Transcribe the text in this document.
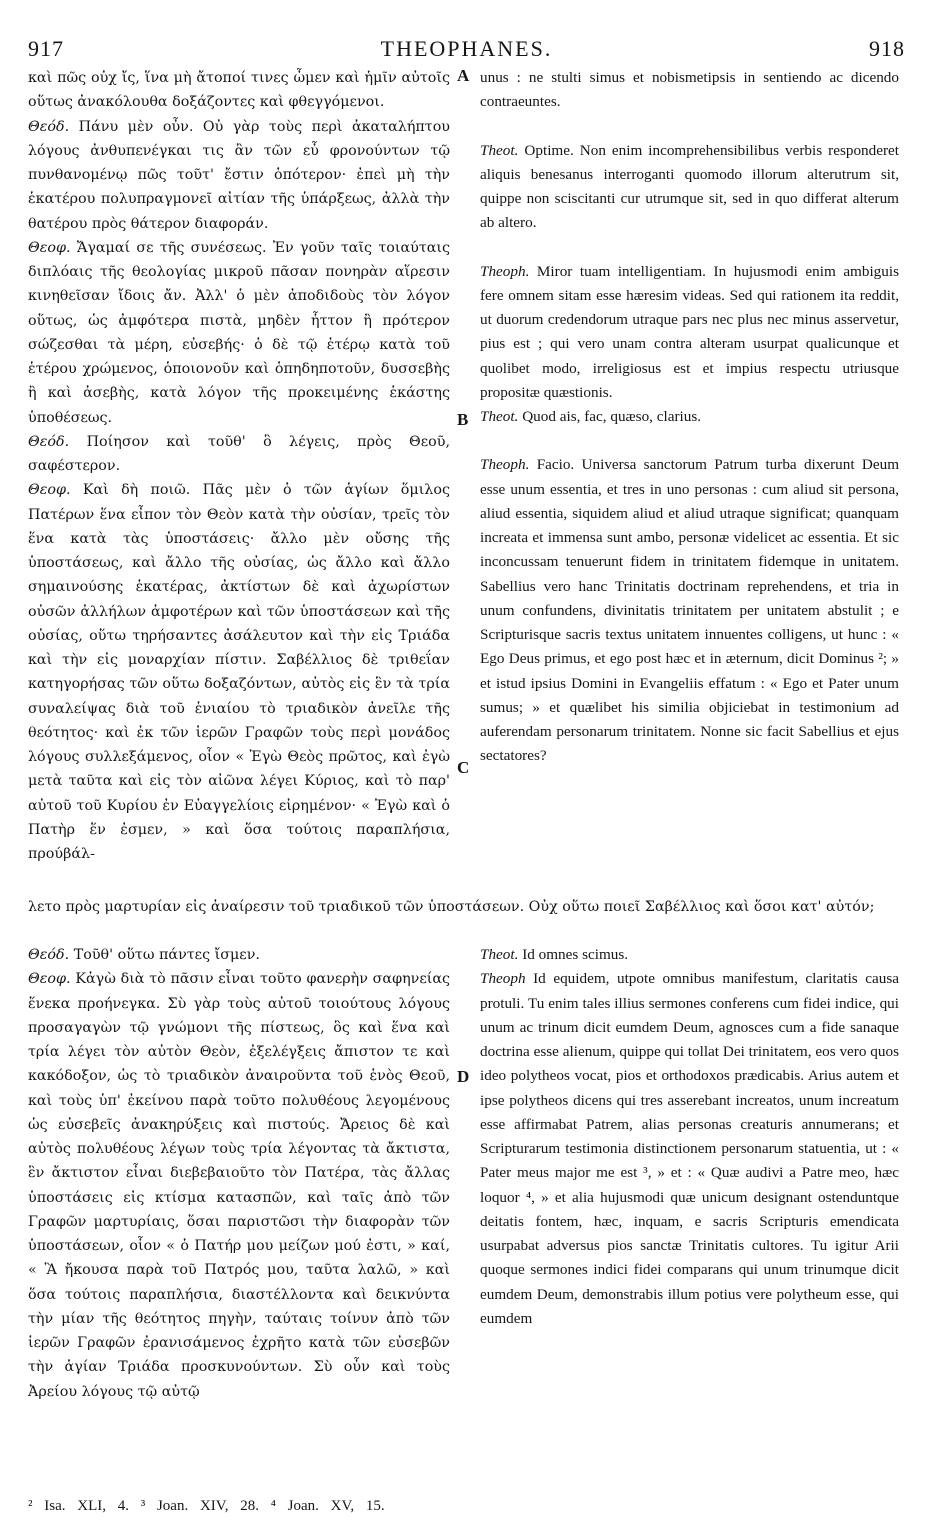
917	THEOPHANES.	918

καὶ πῶς οὐχ ἴς, ἵνα μὴ ἄτοποί τινες ὦμεν καὶ ἡμῖν αὐτοῖς οὕτως ἀνακόλουθα δοξάζοντες καὶ φθεγγόμενοι.

Θεόδ. Πάνυ μὲν οὖν. Οὐ γὰρ τοὺς περὶ ἀκαταλήπτου λόγους ἀνθυπενέγκαι τις ἂν τῶν εὖ φρονούντων τῷ πυνθανομένῳ πῶς τοῦτ' ἔστιν ὁπότερον· ἐπεὶ μὴ τὴν ἑκατέρου πολυπραγμονεῖ αἰτίαν τῆς ὑπάρξεως, ἀλλὰ τὴν θατέρου πρὸς θάτερον διαφοράν.

Θεοφ. Ἄγαμαί σε τῆς συνέσεως. Ἐν γοῦν ταῖς τοιαύταις διπλόαις τῆς θεολογίας μικροῦ πᾶσαν πονηρὰν αἵρεσιν κινηθεῖσαν ἴδοις ἄν. Ἀλλ' ὁ μὲν ἀποδιδοὺς τὸν λόγον οὕτως, ὡς ἀμφότερα πιστὰ, μηδὲν ἧττον ἢ πρότερον σώζεσθαι τὰ μέρη, εὐσεβής· ὁ δὲ τῷ ἑτέρῳ κατὰ τοῦ ἑτέρου χρώμενος, ὁποιονοῦν καὶ ὁπηδηποτοῦν, δυσσεβὴς ἢ καὶ ἀσεβὴς, κατὰ λόγον τῆς προκειμένης ἑκάστης ὑποθέσεως.

Θεόδ. Ποίησον καὶ τοῦθ' ὃ λέγεις, πρὸς Θεοῦ, σαφέστερον.

Θεοφ. Καὶ δὴ ποιῶ. Πᾶς μὲν ὁ τῶν ἁγίων ὅμιλος Πατέρων ἕνα εἶπον τὸν Θεὸν κατὰ τὴν οὐσίαν, τρεῖς τὸν ἕνα κατὰ τὰς ὑποστάσεις· ἄλλο μὲν οὔσης τῆς ὑποστάσεως, καὶ ἄλλο τῆς οὐσίας, ὡς ἄλλο καὶ ἄλλο σημαινούσης ἑκατέρας, ἀκτίστων δὲ καὶ ἀχωρίστων οὐσῶν ἀλλήλων ἀμφοτέρων καὶ τῶν ὑποστάσεων καὶ τῆς οὐσίας, οὕτω τηρήσαντες ἀσάλευτον καὶ τὴν εἰς Τριάδα καὶ τὴν εἰς μοναρχίαν πίστιν. Σαβέλλιος δὲ τριθεΐαν κατηγορήσας τῶν οὕτω δοξαζόντων, αὐτὸς εἰς ἓν τὰ τρία συναλείψας διὰ τοῦ ἑνιαίου τὸ τριαδικὸν ἀνεῖλε τῆς θεότητος· καὶ ἐκ τῶν ἱερῶν Γραφῶν τοὺς περὶ μονάδος λόγους συλλεξάμενος, οἷον « Ἐγὼ Θεὸς πρῶτος, καὶ ἐγὼ μετὰ ταῦτα καὶ εἰς τὸν αἰῶνα λέγει Κύριος, καὶ τὸ παρ' αὐτοῦ τοῦ Κυρίου ἐν Εὐαγγελίοις εἰρημένον· « Ἐγὼ καὶ ὁ Πατὴρ ἕν ἐσμεν, » καὶ ὅσα τούτοις παραπλήσια, προύβάλ-

unus : ne stulti simus et nobismetipsis in sentiendo ac dicendo contraeuntes.

Theot. Optime. Non enim incomprehensibilibus verbis responderet aliquis benesanus interroganti quomodo illorum alterutrum sit, quippe non sciscitanti cur utrumque sit, sed in quo differat alterum ab altero.

Theoph. Miror tuam intelligentiam. In hujusmodi enim ambiguis fere omnem sitam esse hæresim videas. Sed qui rationem ita reddit, ut duorum credendorum utraque pars nec plus nec minus asservetur, pius est ; qui vero unam contra alteram usurpat qualicunque et quolibet modo, irreligiosus est et impius respectu utriusque propositæ quæstionis.

Theot. Quod ais, fac, quæso, clarius.

Theoph. Facio. Universa sanctorum Patrum turba dixerunt Deum esse unum essentia, et tres in uno personas : cum aliud sit persona, aliud essentia, siquidem aliud et aliud utraque significat; quanquam increata et immensa sunt ambo, personæ videlicet ac essentia. Et sic inconcussam tenuerunt fidem in trinitatem fidemque in unitatem. Sabellius vero hanc Trinitatis doctrinam reprehendens, et tria in unum confundens, divinitatis trinitatem per unitatem abstulit ; e Scripturisque sacris textus unitatem innuentes colligens, ut hunc : « Ego Deus primus, et ego post hæc et in æternum, dicit Dominus ²; » et istud ipsius Domini in Evangeliis effatum : « Ego et Pater unum sumus; » et quælibet his similia objiciebat in testimonium ad auferendam personarum trinitatem. Nonne sic facit Sabellius et ejus sectatores?

λετο πρὸς μαρτυρίαν εἰς ἀναίρεσιν τοῦ τριαδικοῦ τῶν ὑποστάσεων. Οὐχ οὕτω ποιεῖ Σαβέλλιος καὶ ὅσοι κατ' αὐτόν;

Θεόδ. Τοῦθ' οὕτω πάντες ἴσμεν.

Θεοφ. Κἀγὼ διὰ τὸ πᾶσιν εἶναι τοῦτο φανερὴν σαφηνείας ἕνεκα προήνεγκα. Σὺ γὰρ τοὺς αὐτοῦ τοιούτους λόγους προσαγαγὼν τῷ γνώμονι τῆς πίστεως, ὃς καὶ ἕνα καὶ τρία λέγει τὸν αὐτὸν Θεὸν, ἐξελέγξεις ἄπιστον τε καὶ κακόδοξον, ὡς τὸ τριαδικὸν ἀναιροῦντα τοῦ ἑνὸς Θεοῦ, καὶ τοὺς ὑπ' ἐκείνου παρὰ τοῦτο πολυθέους λεγομένους ὡς εὐσεβεῖς ἀνακηρύξεις καὶ πιστούς. Ἄρειος δὲ καὶ αὐτὸς πολυθέους λέγων τοὺς τρία λέγοντας τὰ ἄκτιστα, ἓν ἄκτιστον εἶναι διεβεβαιοῦτο τὸν Πατέρα, τὰς ἄλλας ὑποστάσεις εἰς κτίσμα κατασπῶν, καὶ ταῖς ἀπὸ τῶν Γραφῶν μαρτυρίαις, ὅσαι παριστῶσι τὴν διαφορὰν τῶν ὑποστάσεων, οἷον « ὁ Πατήρ μου μείζων μού ἐστι, » καί, « Ἃ ἤκουσα παρὰ τοῦ Πατρός μου, ταῦτα λαλῶ, » καὶ ὅσα τούτοις παραπλήσια, διαστέλλοντα καὶ δεικνύντα τὴν μίαν τῆς θεότητος πηγὴν, ταύταις τοίνυν ἀπὸ τῶν ἱερῶν Γραφῶν ἐρανισάμενος ἐχρῆτο κατὰ τῶν εὐσεβῶν τὴν ἁγίαν Τριάδα προσκυνούντων. Σὺ οὖν καὶ τοὺς Ἀρείου λόγους τῷ αὐτῷ

Theot. Id omnes scimus.

Theoph Id equidem, utpote omnibus manifestum, claritatis causa protuli. Tu enim tales illius sermones conferens cum fidei indice, qui unum ac trinum dicit eumdem Deum, agnosces cum a fide sanaque doctrina esse alienum, quippe qui tollat Dei trinitatem, eos vero quos ideo polytheos vocat, pios et orthodoxos prædicabis. Arius autem et ipse polytheos dicens qui tres asserebant increatos, unum increatum esse affirmabat Patrem, alias personas creaturis annumerans; et Scripturarum testimonia distinctionem personarum statuentia, ut : « Pater meus major me est ³, » et : « Quæ audivi a Patre meo, hæc loquor ⁴, » et alia hujusmodi quæ unicum designant ostenduntque deitatis fontem, hæc, inquam, e sacris Scripturis emendicata usurpabat adversus pios sanctæ Trinitatis cultores. Tu igitur Arii quoque sermones indici fidei comparans qui unum trinumque dicit eumdem Deum, demonstrabis illum potius vere polytheum esse, qui eumdem

A
B
C
D
² Isa. XLI, 4. ³ Joan. XIV, 28. ⁴ Joan. XV, 15.
